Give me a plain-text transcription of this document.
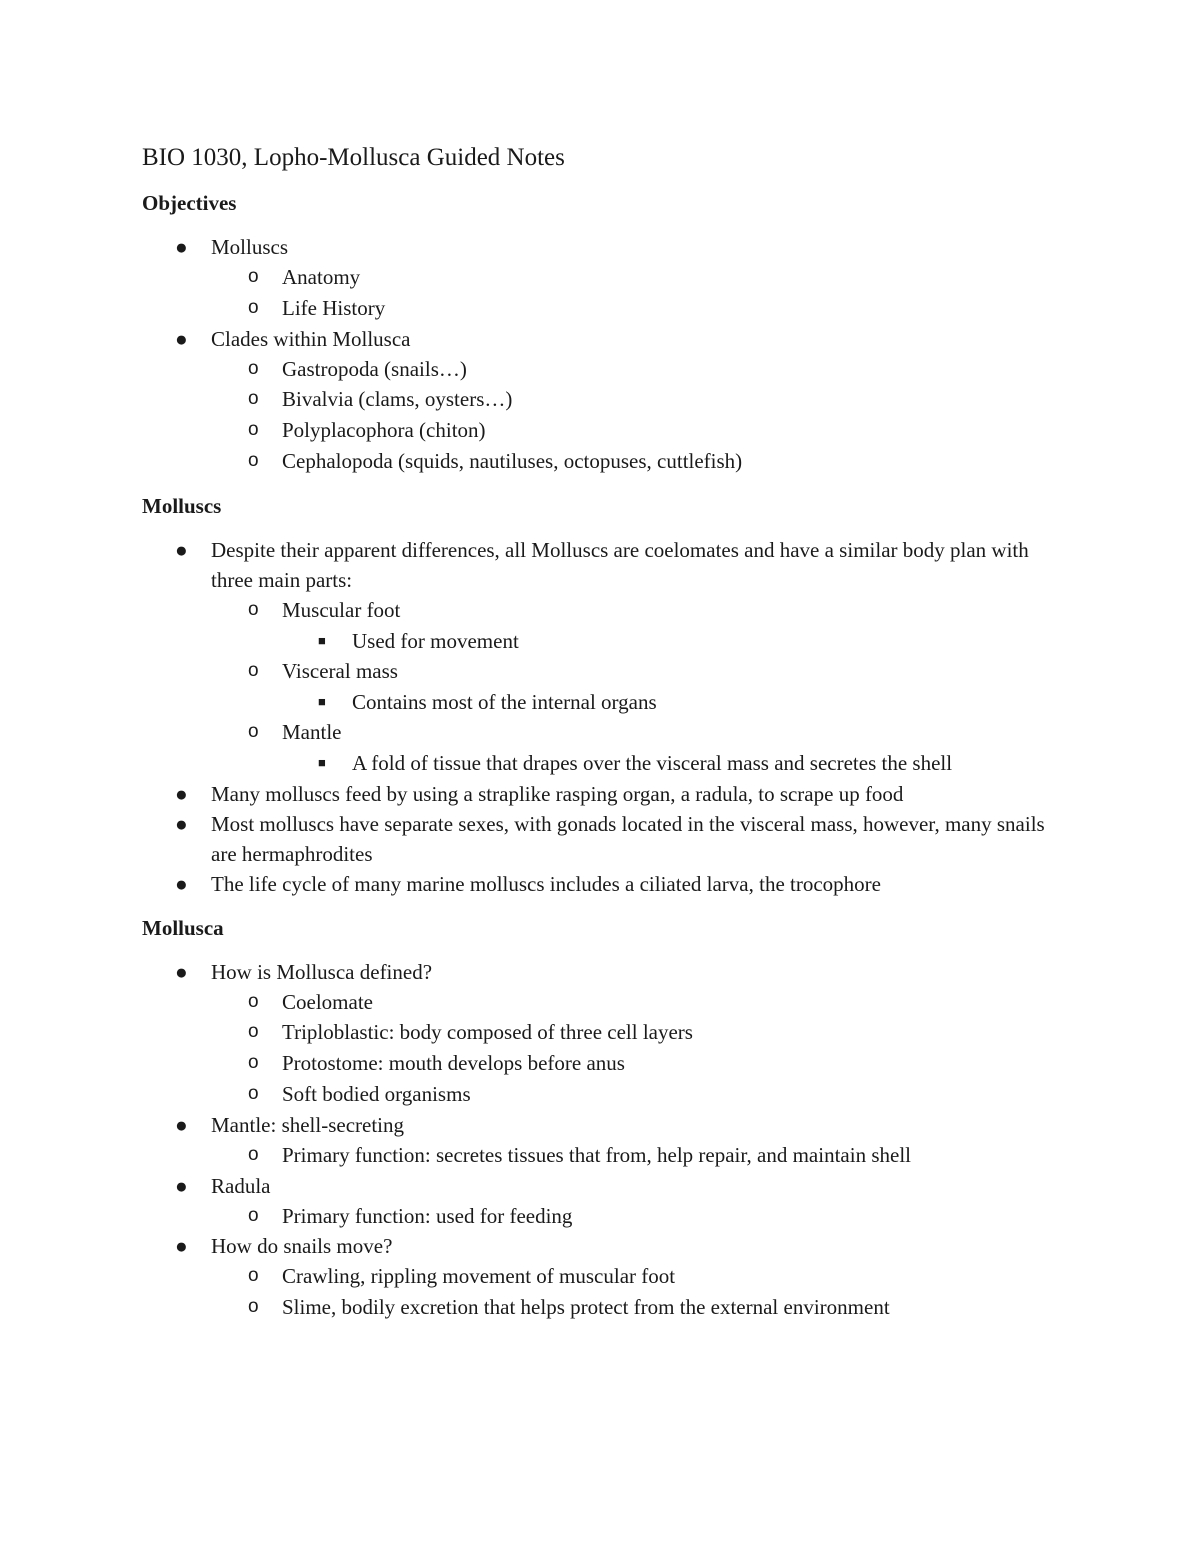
BIO 1030, Lopho-Mollusca Guided Notes
Objectives
● Molluscs
o Anatomy
o Life History
● Clades within Mollusca
o Gastropoda (snails…)
o Bivalvia (clams, oysters…)
o Polyplacophora (chiton)
o Cephalopoda (squids, nautiluses, octopuses, cuttlefish)
Molluscs
● Despite their apparent differences, all Molluscs are coelomates and have a similar body plan with three main parts:
o Muscular foot
■ Used for movement
o Visceral mass
■ Contains most of the internal organs
o Mantle
■ A fold of tissue that drapes over the visceral mass and secretes the shell
● Many molluscs feed by using a straplike rasping organ, a radula, to scrape up food
● Most molluscs have separate sexes, with gonads located in the visceral mass, however, many snails are hermaphrodites
● The life cycle of many marine molluscs includes a ciliated larva, the trocophore
Mollusca
● How is Mollusca defined?
o Coelomate
o Triploblastic: body composed of three cell layers
o Protostome: mouth develops before anus
o Soft bodied organisms
● Mantle: shell-secreting
o Primary function: secretes tissues that from, help repair, and maintain shell
● Radula
o Primary function: used for feeding
● How do snails move?
o Crawling, rippling movement of muscular foot
o Slime, bodily excretion that helps protect from the external environment
